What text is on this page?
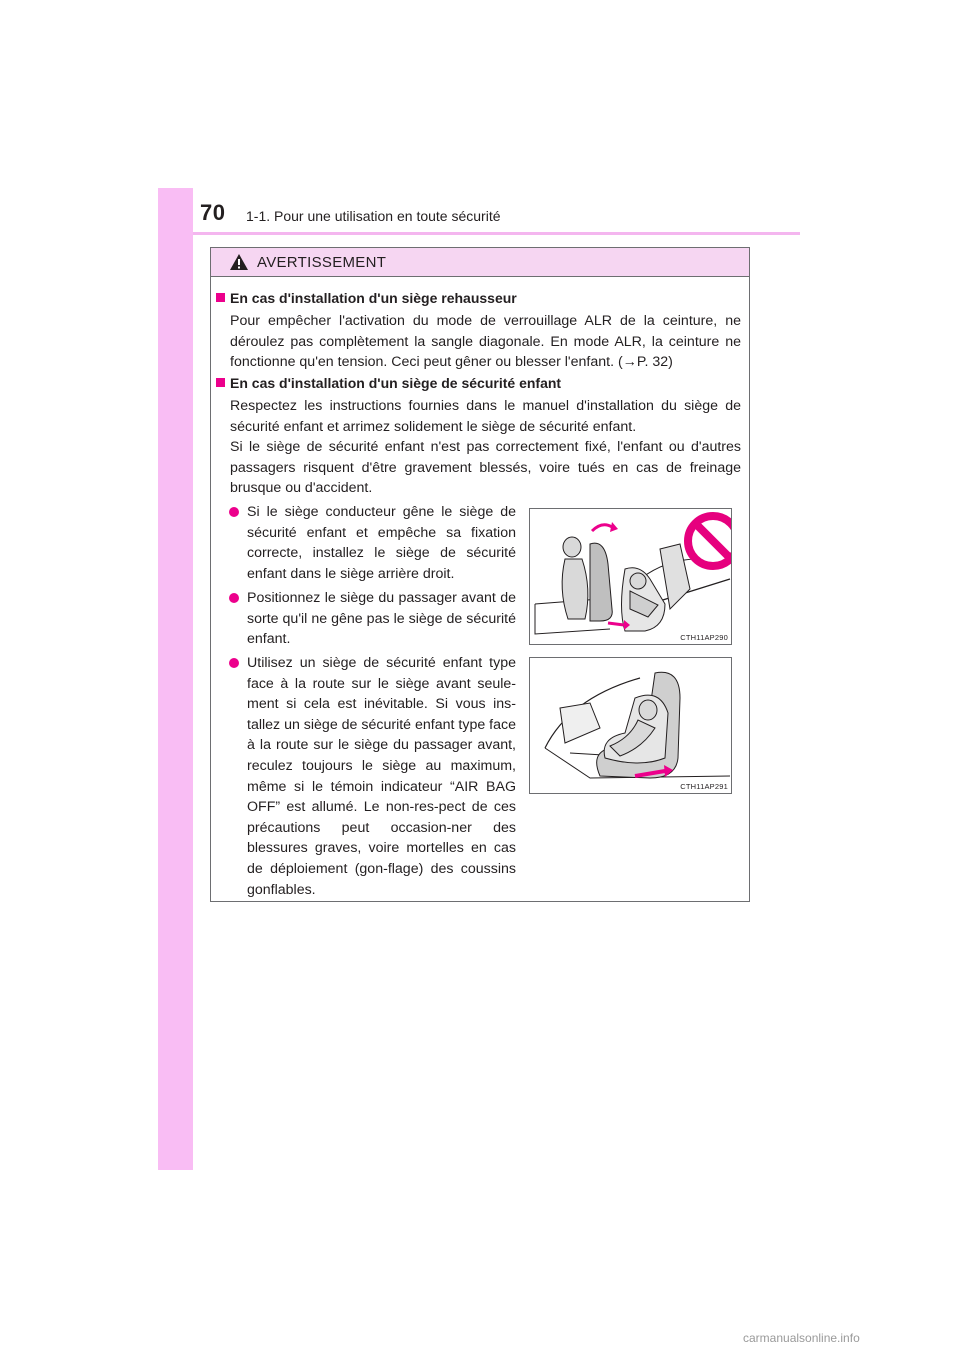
70 1-1. Pour une utilisation en toute sécurité
AVERTISSEMENT
En cas d'installation d'un siège rehausseur
Pour empêcher l'activation du mode de verrouillage ALR de la ceinture, ne déroulez pas complètement la sangle diagonale. En mode ALR, la ceinture ne fonctionne qu'en tension. Ceci peut gêner ou blesser l'enfant. (→P. 32)
En cas d'installation d'un siège de sécurité enfant
Respectez les instructions fournies dans le manuel d'installation du siège de sécurité enfant et arrimez solidement le siège de sécurité enfant.
Si le siège de sécurité enfant n'est pas correctement fixé, l'enfant ou d'autres passagers risquent d'être gravement blessés, voire tués en cas de freinage brusque ou d'accident.
Si le siège conducteur gêne le siège de sécurité enfant et empêche sa fixation correcte, installez le siège de sécurité enfant dans le siège arrière droit.
Positionnez le siège du passager avant de sorte qu'il ne gêne pas le siège de sécurité enfant.
Utilisez un siège de sécurité enfant type face à la route sur le siège avant seule-ment si cela est inévitable. Si vous ins-tallez un siège de sécurité enfant type face à la route sur le siège du passager avant, reculez toujours le siège au maximum, même si le témoin indicateur “AIR BAG OFF” est allumé. Le non-res-pect de ces précautions peut occasion-ner des blessures graves, voire mortelles en cas de déploiement (gon-flage) des coussins gonflables.
CTH11AP290
CTH11AP291
carmanualsonline.info
